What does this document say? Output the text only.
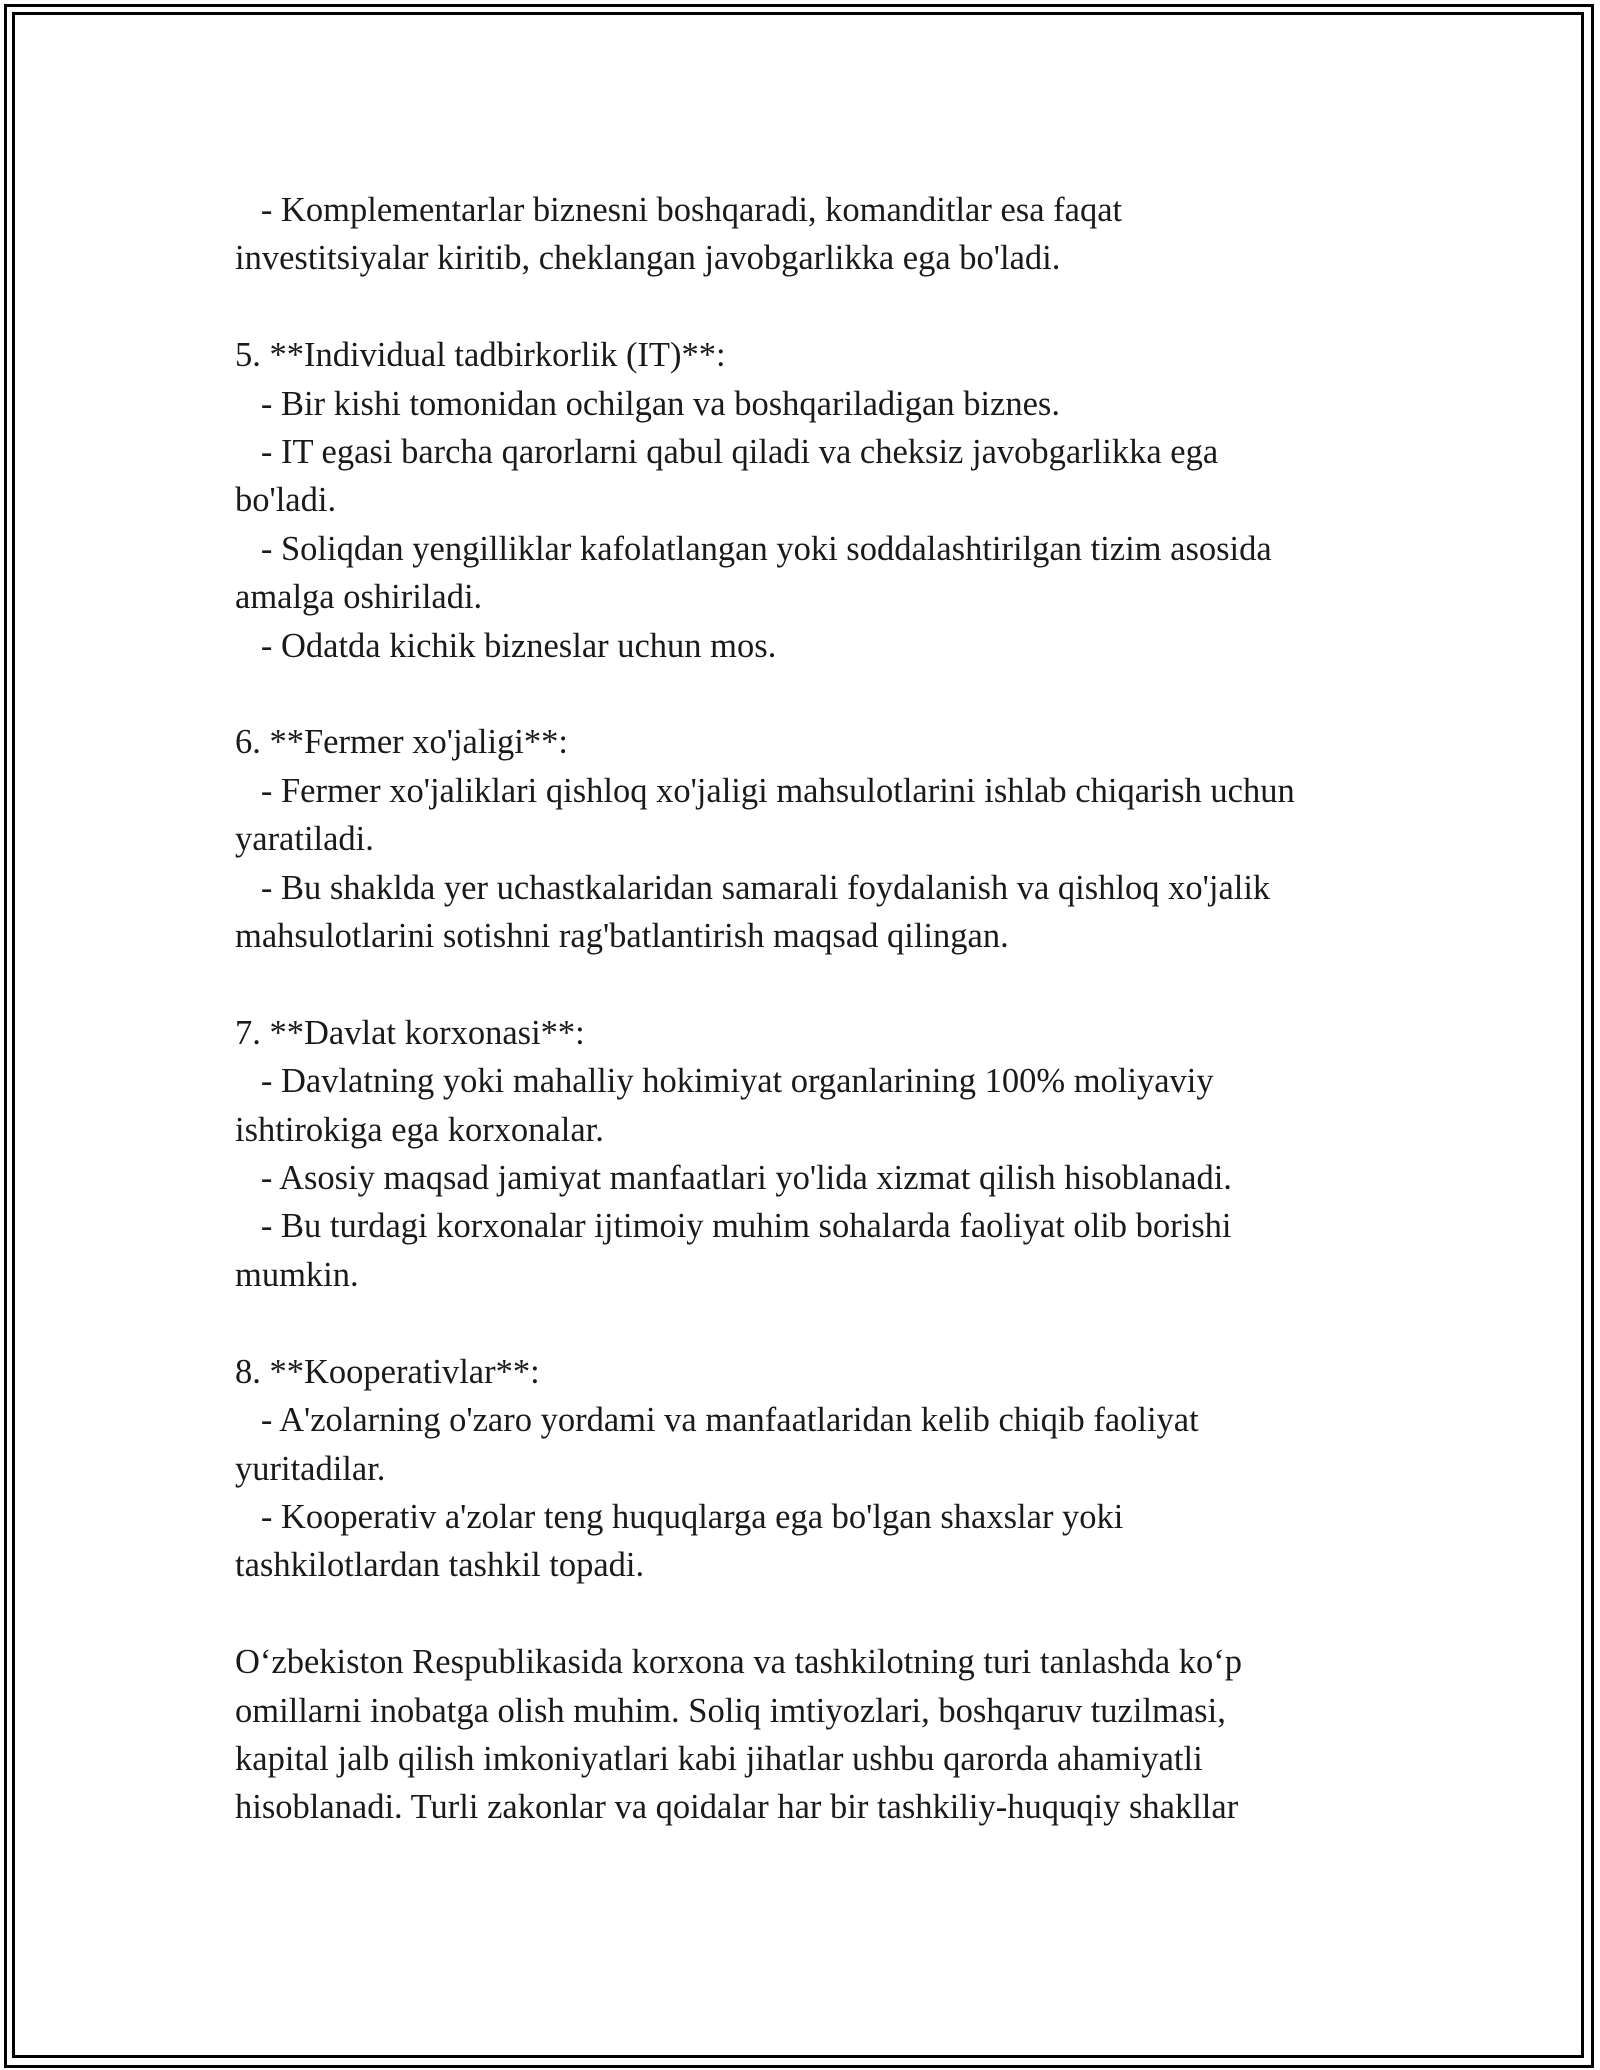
- Komplementarlar biznesni boshqaradi, komanditlar esa faqat

investitsiyalar kiritib, cheklangan javobgarlikka ega bo'ladi.

5. **Individual tadbirkorlik (IT)**:

- Bir kishi tomonidan ochilgan va boshqariladigan biznes.

- IT egasi barcha qarorlarni qabul qiladi va cheksiz javobgarlikka ega

bo'ladi.

- Soliqdan yengilliklar kafolatlangan yoki soddalashtirilgan tizim asosida

amalga oshiriladi.

- Odatda kichik bizneslar uchun mos.

6. **Fermer xo'jaligi**:

- Fermer xo'jaliklari qishloq xo'jaligi mahsulotlarini ishlab chiqarish uchun

yaratiladi.

- Bu shaklda yer uchastkalaridan samarali foydalanish va qishloq xo'jalik

mahsulotlarini sotishni rag'batlantirish maqsad qilingan.

7. **Davlat korxonasi**:

- Davlatning yoki mahalliy hokimiyat organlarining 100% moliyaviy

ishtirokiga ega korxonalar.

- Asosiy maqsad jamiyat manfaatlari yo'lida xizmat qilish hisoblanadi.

- Bu turdagi korxonalar ijtimoiy muhim sohalarda faoliyat olib borishi

mumkin.

8. **Kooperativlar**:

- A'zolarning o'zaro yordami va manfaatlaridan kelib chiqib faoliyat

yuritadilar.

- Kooperativ a'zolar teng huquqlarga ega bo'lgan shaxslar yoki

tashkilotlardan tashkil topadi.

O‘zbekiston Respublikasida korxona va tashkilotning turi tanlashda ko‘p

omillarni inobatga olish muhim. Soliq imtiyozlari, boshqaruv tuzilmasi,

kapital jalb qilish imkoniyatlari kabi jihatlar ushbu qarorda ahamiyatli

hisoblanadi. Turli zakonlar va qoidalar har bir tashkiliy-huquqiy shakllar
